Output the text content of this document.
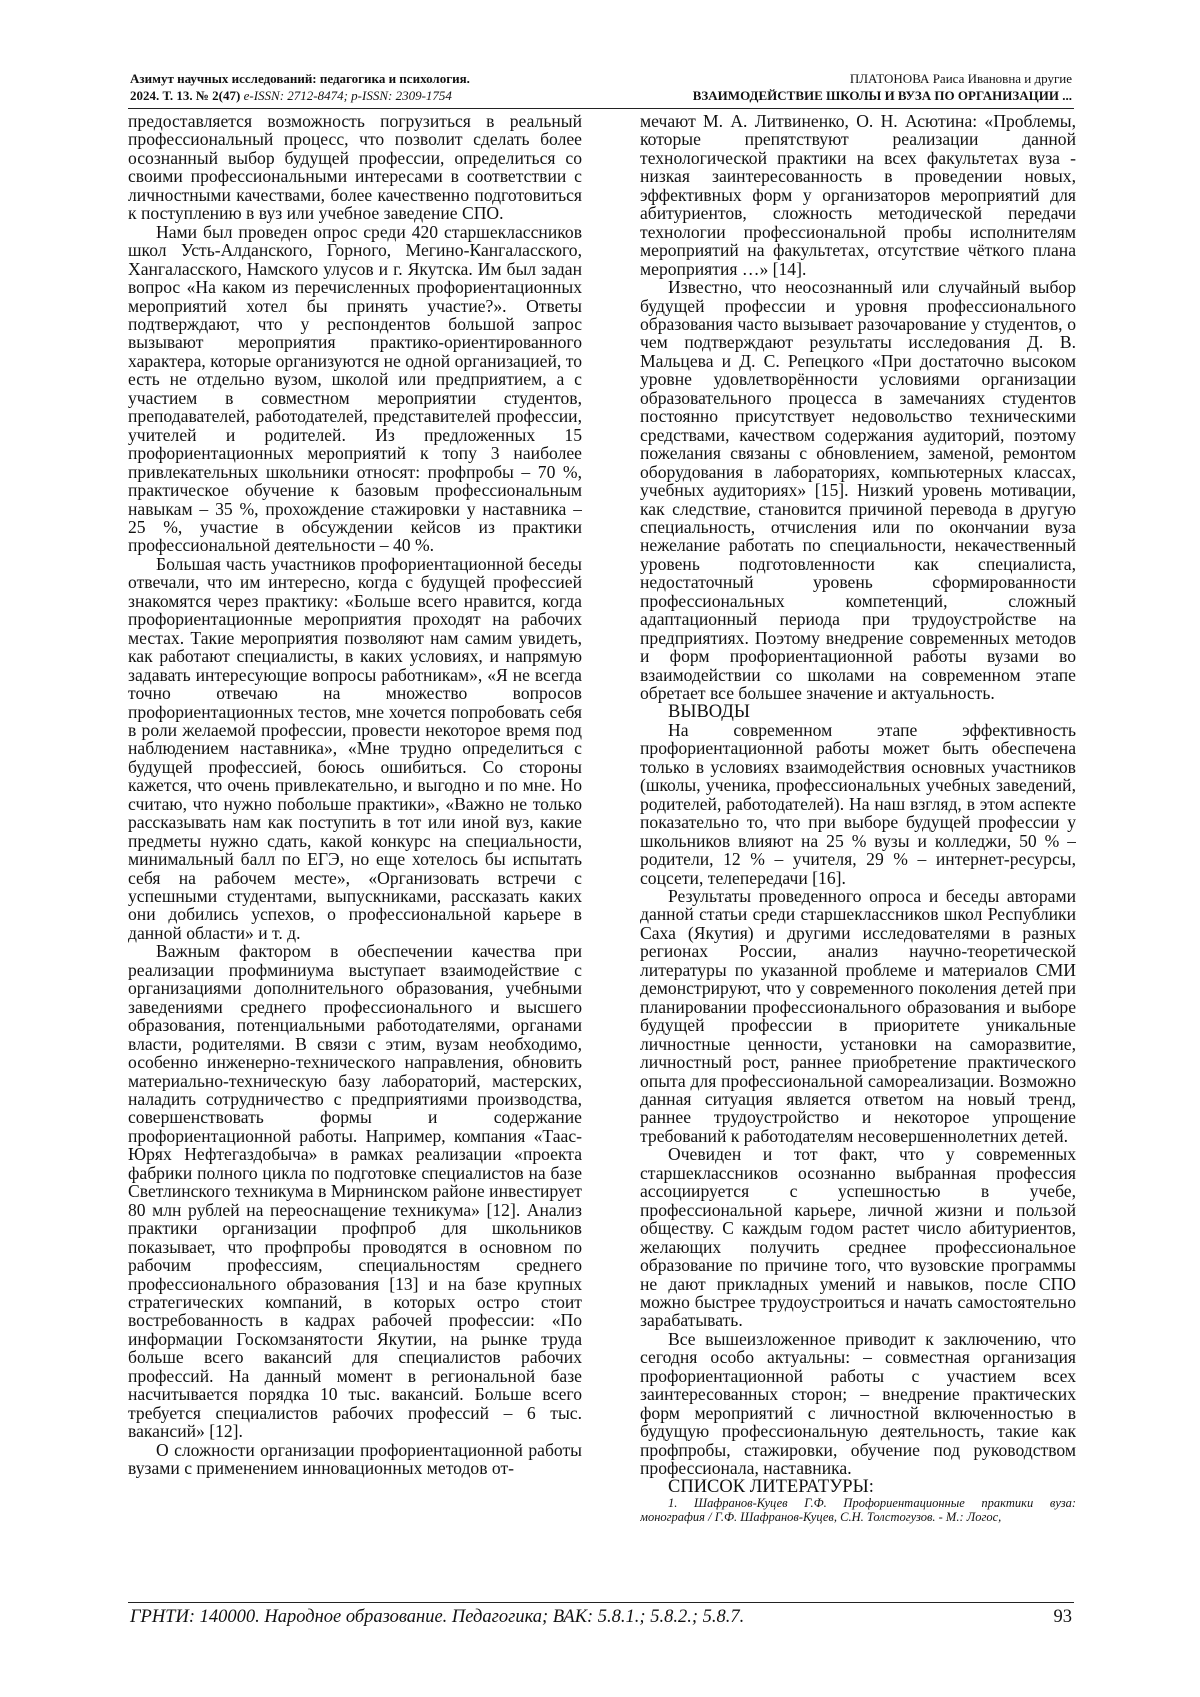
Азимут научных исследований: педагогика и психология.
2024. Т. 13. № 2(47) e-ISSN: 2712-8474; p-ISSN: 2309-1754
ПЛАТОНОВА Раиса Ивановна и другие
ВЗАИМОДЕЙСТВИЕ ШКОЛЫ И ВУЗА ПО ОРГАНИЗАЦИИ ...

предоставляется возможность погрузиться в реальный профессиональный процесс, что позволит сделать более осознанный выбор будущей профессии, определиться со своими профессиональными интересами в соответствии с личностными качествами, более качественно подготовиться к поступлению в вуз или учебное заведение СПО.

Нами был проведен опрос среди 420 старшеклассников школ Усть-Алданского, Горного, Мегино-Кангаласского, Хангаласского, Намского улусов и г. Якутска. Им был задан вопрос «На каком из перечисленных профориентационных мероприятий хотел бы принять участие?». Ответы подтверждают, что у респондентов большой запрос вызывают мероприятия практико-ориентированного характера, которые организуются не одной организацией, то есть не отдельно вузом, школой или предприятием, а с участием в совместном мероприятии студентов, преподавателей, работодателей, представителей профессии, учителей и родителей. Из предложенных 15 профориентационных мероприятий к топу 3 наиболее привлекательных школьники относят: профпробы – 70 %, практическое обучение к базовым профессиональным навыкам – 35 %, прохождение стажировки у наставника – 25 %, участие в обсуждении кейсов из практики профессиональной деятельности – 40 %.

Большая часть участников профориентационной беседы отвечали, что им интересно, когда с будущей профессией знакомятся через практику: «Больше всего нравится, когда профориентационные мероприятия проходят на рабочих местах. Такие мероприятия позволяют нам самим увидеть, как работают специалисты, в каких условиях, и напрямую задавать интересующие вопросы работникам», «Я не всегда точно отвечаю на множество вопросов профориентационных тестов, мне хочется попробовать себя в роли желаемой профессии, провести некоторое время под наблюдением наставника», «Мне трудно определиться с будущей профессией, боюсь ошибиться. Со стороны кажется, что очень привлекательно, и выгодно и по мне. Но считаю, что нужно побольше практики», «Важно не только рассказывать нам как поступить в тот или иной вуз, какие предметы нужно сдать, какой конкурс на специальности, минимальный балл по ЕГЭ, но еще хотелось бы испытать себя на рабочем месте», «Организовать встречи с успешными студентами, выпускниками, рассказать каких они добились успехов, о профессиональной карьере в данной области» и т. д.

Важным фактором в обеспечении качества при реализации профминиума выступает взаимодействие с организациями дополнительного образования, учебными заведениями среднего профессионального и высшего образования, потенциальными работодателями, органами власти, родителями. В связи с этим, вузам необходимо, особенно инженерно-технического направления, обновить материально-техническую базу лабораторий, мастерских, наладить сотрудничество с предприятиями производства, совершенствовать формы и содержание профориентационной работы. Например, компания «Таас-Юрях Нефтегаздобыча» в рамках реализации «проекта фабрики полного цикла по подготовке специалистов на базе Светлинского техникума в Мирнинском районе инвестирует 80 млн рублей на переоснащение техникума» [12]. Анализ практики организации профпроб для школьников показывает, что профпробы проводятся в основном по рабочим профессиям, специальностям среднего профессионального образования [13] и на базе крупных стратегических компаний, в которых остро стоит востребованность в кадрах рабочей профессии: «По информации Госкомзанятости Якутии, на рынке труда больше всего вакансий для специалистов рабочих профессий. На данный момент в региональной базе насчитывается порядка 10 тыс. вакансий. Больше всего требуется специалистов рабочих профессий – 6 тыс. вакансий» [12].

О сложности организации профориентационной работы вузами с применением инновационных методов от-

мечают М. А. Литвиненко, О. Н. Асютина: «Проблемы, которые препятствуют реализации данной технологической практики на всех факультетах вуза - низкая заинтересованность в проведении новых, эффективных форм у организаторов мероприятий для абитуриентов, сложность методической передачи технологии профессиональной пробы исполнителям мероприятий на факультетах, отсутствие чёткого плана мероприятия …» [14].

Известно, что неосознанный или случайный выбор будущей профессии и уровня профессионального образования часто вызывает разочарование у студентов, о чем подтверждают результаты исследования Д. В. Мальцева и Д. С. Репецкого «При достаточно высоком уровне удовлетворённости условиями организации образовательного процесса в замечаниях студентов постоянно присутствует недовольство техническими средствами, качеством содержания аудиторий, поэтому пожелания связаны с обновлением, заменой, ремонтом оборудования в лабораториях, компьютерных классах, учебных аудиториях» [15]. Низкий уровень мотивации, как следствие, становится причиной перевода в другую специальность, отчисления или по окончании вуза нежелание работать по специальности, некачественный уровень подготовленности как специалиста, недостаточный уровень сформированности профессиональных компетенций, сложный адаптационный периода при трудоустройстве на предприятиях. Поэтому внедрение современных методов и форм профориентационной работы вузами во взаимодействии со школами на современном этапе обретает все большее значение и актуальность.

ВЫВОДЫ

На современном этапе эффективность профориентационной работы может быть обеспечена только в условиях взаимодействия основных участников (школы, ученика, профессиональных учебных заведений, родителей, работодателей). На наш взгляд, в этом аспекте показательно то, что при выборе будущей профессии у школьников влияют на 25 % вузы и колледжи, 50 % – родители, 12 % – учителя, 29 % – интернет-ресурсы, соцсети, телепередачи [16].

Результаты проведенного опроса и беседы авторами данной статьи среди старшеклассников школ Республики Саха (Якутия) и другими исследователями в разных регионах России, анализ научно-теоретической литературы по указанной проблеме и материалов СМИ демонстрируют, что у современного поколения детей при планировании профессионального образования и выборе будущей профессии в приоритете уникальные личностные ценности, установки на саморазвитие, личностный рост, раннее приобретение практического опыта для профессиональной самореализации. Возможно данная ситуация является ответом на новый тренд, раннее трудоустройство и некоторое упрощение требований к работодателям несовершеннолетних детей.

Очевиден и тот факт, что у современных старшеклассников осознанно выбранная профессия ассоциируется с успешностью в учебе, профессиональной карьере, личной жизни и пользой обществу. С каждым годом растет число абитуриентов, желающих получить среднее профессиональное образование по причине того, что вузовские программы не дают прикладных умений и навыков, после СПО можно быстрее трудоустроиться и начать самостоятельно зарабатывать.

Все вышеизложенное приводит к заключению, что сегодня особо актуальны: – совместная организация профориентационной работы с участием всех заинтересованных сторон; – внедрение практических форм мероприятий с личностной включенностью в будущую профессиональную деятельность, такие как профпробы, стажировки, обучение под руководством профессионала, наставника.

СПИСОК ЛИТЕРАТУРЫ:

1. Шафранов-Куцев Г.Ф. Профориентационные практики вуза: монография / Г.Ф. Шафранов-Куцев, С.Н. Толстогузов. - М.: Логос,

ГРНТИ: 140000. Народное образование. Педагогика; ВАК: 5.8.1.; 5.8.2.; 5.8.7.	93
